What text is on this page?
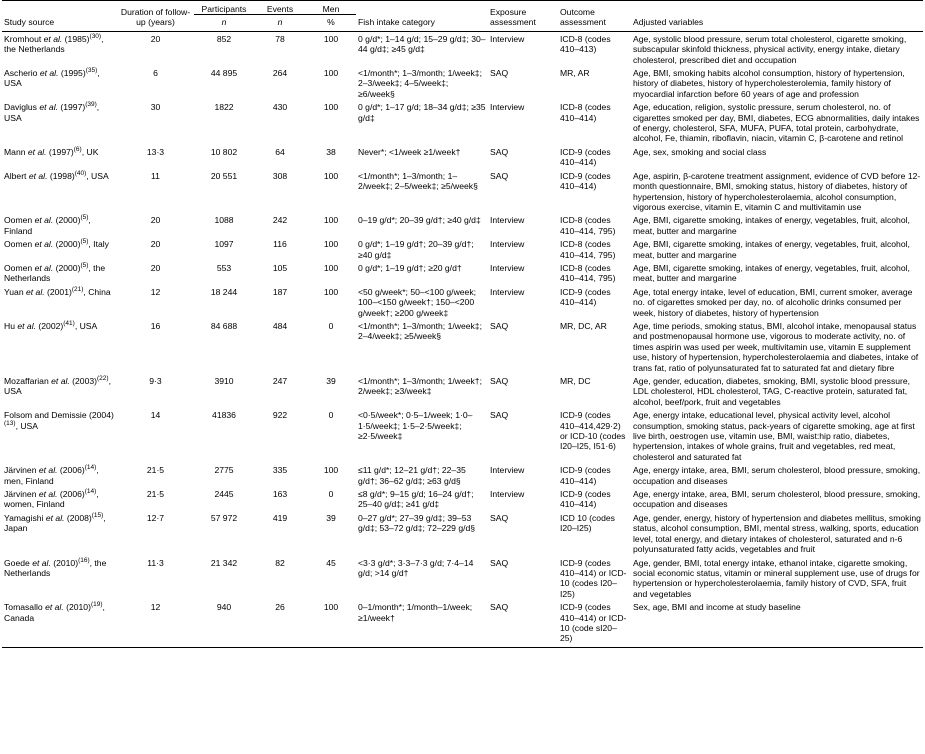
Study source	Duration of follow-up (years)	Participants	Events	Men	Fish intake category	Exposure assessment	Outcome assessment	Adjusted variables
		n	n	%				
Kromhout et al. $(1985)^{(30)}$, the Netherlands	20	852	78	100	0 g/d*; 1–14 g/d; 15–29 g/d‡; 30–44 g/d‡; ≥45 g/d‡	Interview	ICD-8 (codes 410–413)	Age, systolic blood pressure, serum total cholesterol, cigarette smoking, subscapular skinfold thickness, physical activity, energy intake, dietary cholesterol, prescribed diet and occupation
Ascherio et al. $(1995)^{(35)}$, USA	6	44 895	264	100	<1/month*; 1–3/month; 1/week‡; 2–3/week‡; 4–5/week‡; ≥6/week§	SAQ	MR, AR	Age, BMI, smoking habits alcohol consumption, history of hypertension, history of diabetes, history of hypercholesterolemia, family history of myocardial infarction before 60 years of age and profession
Daviglus et al. $(1997)^{(39)}$, USA	30	1822	430	100	0 g/d*; 1–17 g/d; 18–34 g/d‡; ≥35 g/d‡	Interview	ICD-8 (codes 410–414)	Age, education, religion, systolic pressure, serum cholesterol, no. of cigarettes smoked per day, BMI, diabetes, ECG abnormalities, daily intakes of energy, cholesterol, SFA, MUFA, PUFA, total protein, carbohydrate, alcohol, Fe, thiamin, riboflavin, niacin, vitamin C, β-carotene and retinol
Mann et al. $(1997)^{(6)}$, UK	13·3	10 802	64	38	Never*; <1/week ≥1/week†	SAQ	ICD-9 (codes 410–414)	Age, sex, smoking and social class
Albert et al. $(1998)^{(40)}$, USA	11	20 551	308	100	<1/month*; 1–3/month; 1–2/week‡; 2–5/week‡; ≥5/week§	SAQ	ICD-9 (codes 410–414)	Age, aspirin, β-carotene treatment assignment, evidence of CVD before 12-month questionnaire, BMI, smoking status, history of diabetes, history of hypertension, history of hypercholesterolaemia, alcohol consumption, vigorous exercise, vitamin E, vitamin C and multivitamin use
Oomen et al. $(2000)^{(5)}$, Finland	20	1088	242	100	0–19 g/d*; 20–39 g/d†; ≥40 g/d‡	Interview	ICD-8 (codes 410–414, 795)	Age, BMI, cigarette smoking, intakes of energy, vegetables, fruit, alcohol, meat, butter and margarine
Oomen et al. $(2000)^{(5)}$, Italy	20	1097	116	100	0 g/d*; 1–19 g/d†; 20–39 g/d†; ≥40 g/d‡	Interview	ICD-8 (codes 410–414, 795)	Age, BMI, cigarette smoking, intakes of energy, vegetables, fruit, alcohol, meat, butter and margarine
Oomen et al. $(2000)^{(5)}$, the Netherlands	20	553	105	100	0 g/d*; 1–19 g/d†; ≥20 g/d†	Interview	ICD-8 (codes 410–414, 795)	Age, BMI, cigarette smoking, intakes of energy, vegetables, fruit, alcohol, meat, butter and margarine
Yuan et al. $(2001)^{(21)}$, China	12	18 244	187	100	<50 g/week*; 50–<100 g/week; 100–<150 g/week†; 150–<200 g/week†; ≥200 g/week‡	Interview	ICD-9 (codes 410–414)	Age, total energy intake, level of education, BMI, current smoker, average no. of cigarettes smoked per day, no. of alcoholic drinks consumed per week, history of diabetes, history of hypertension
Hu et al. $(2002)^{(41)}$, USA	16	84 688	484	0	<1/month*; 1–3/month; 1/week‡; 2–4/week‡; ≥5/week§	SAQ	MR, DC, AR	Age, time periods, smoking status, BMI, alcohol intake, menopausal status and postmenopausal hormone use, vigorous to moderate activity, no. of times aspirin was used per week, multivitamin use, vitamin E supplement use, history of hypertension, hypercholesterolaemia and diabetes, intake of trans fat, ratio of polyunsaturated fat to saturated fat and dietary fibre
Mozaffarian et al. $(2003)^{(22)}$, USA	9·3	3910	247	39	<1/month*; 1–3/month; 1/week†; 2/week‡; ≥3/week‡	SAQ	MR, DC	Age, gender, education, diabetes, smoking, BMI, systolic blood pressure, LDL cholesterol, HDL cholesterol, TAG, C-reactive protein, saturated fat, alcohol, beef/pork, fruit and vegetables
Folsom and Demissie $(2004)^{(13)}$, USA	14	41836	922	0	<0·5/week*; 0·5–1/week; 1·0–1·5/week‡; 1·5–2·5/week‡; ≥2·5/week‡	SAQ	ICD-9 (codes 410–414,429·2) or ICD-10 (codes I20–I25, I51·6)	Age, energy intake, educational level, physical activity level, alcohol consumption, smoking status, pack-years of cigarette smoking, age at first live birth, oestrogen use, vitamin use, BMI, waist:hip ratio, diabetes, hypertension, intakes of whole grains, fruit and vegetables, red meat, cholesterol and saturated fat
Järvinen et al. $(2006)^{(14)}$, men, Finland	21·5	2775	335	100	≤11 g/d*; 12–21 g/d†; 22–35 g/d†; 36–62 g/d‡; ≥63 g/d§	Interview	ICD-9 (codes 410–414)	Age, energy intake, area, BMI, serum cholesterol, blood pressure, smoking, occupation and diseases
Järvinen et al. $(2006)^{(14)}$, women, Finland	21·5	2445	163	0	≤8 g/d*; 9–15 g/d; 16–24 g/d†; 25–40 g/d‡; ≥41 g/d‡	Interview	ICD-9 (codes 410–414)	Age, energy intake, area, BMI, serum cholesterol, blood pressure, smoking, occupation and diseases
Yamagishi et al. $(2008)^{(15)}$, Japan	12·7	57 972	419	39	0–27 g/d*; 27–39 g/d‡; 39–53 g/d‡; 53–72 g/d‡; 72–229 g/d§	SAQ	ICD 10 (codes I20–I25)	Age, gender, energy, history of hypertension and diabetes mellitus, smoking status, alcohol consumption, BMI, mental stress, walking, sports, education level, total energy, and dietary intakes of cholesterol, saturated and n-6 polyunsaturated fatty acids, vegetables and fruit
Goede et al. $(2010)^{(16)}$, the Netherlands	11·3	21 342	82	45	<3·3 g/d*; 3·3–7·3 g/d; 7·4–14 g/d; >14 g/d†	SAQ	ICD-9 (codes 410–414) or ICD-10 (codes I20–I25)	Age, gender, BMI, total energy intake, ethanol intake, cigarette smoking, social economic status, vitamin or mineral supplement use, use of drugs for hypertension or hypercholesterolaemia, family history of CVD, SFA, fruit and vegetables
Tomasallo et al. $(2010)^{(19)}$, Canada	12	940	26	100	0–1/month*; 1/month–1/week; ≥1/week†	SAQ	ICD-9 (codes 410–414) or ICD-10 (code sI20–25)	Sex, age, BMI and income at study baseline
